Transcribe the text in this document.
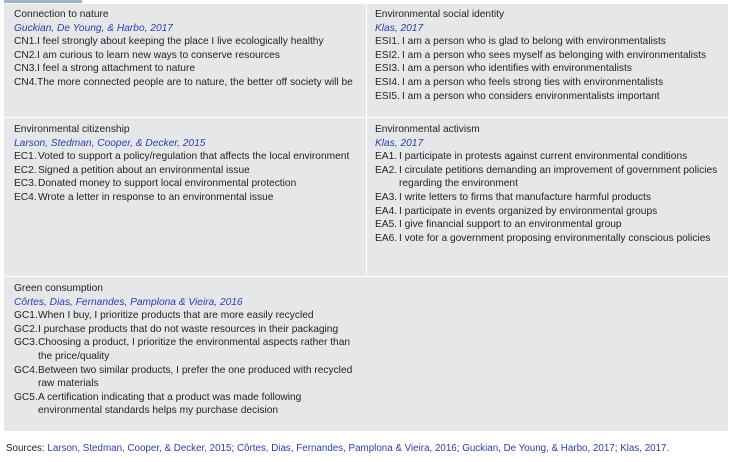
Connection to nature
Guckian, De Young, & Harbo, 2017
CN1. I feel strongly about keeping the place I live ecologically healthy
CN2. I am curious to learn new ways to conserve resources
CN3. I feel a strong attachment to nature
CN4. The more connected people are to nature, the better off society will be
Environmental social identity
Klas, 2017
ESI1. I am a person who is glad to belong with environmentalists
ESI2. I am a person who sees myself as belonging with environmentalists
ESI3. I am a person who identifies with environmentalists
ESI4. I am a person who feels strong ties with environmentalists
ESI5. I am a person who considers environmentalists important
Environmental citizenship
Larson, Stedman, Cooper, & Decker, 2015
EC1. Voted to support a policy/regulation that affects the local environment
EC2. Signed a petition about an environmental issue
EC3. Donated money to support local environmental protection
EC4. Wrote a letter in response to an environmental issue
Environmental activism
Klas, 2017
EA1. I participate in protests against current environmental conditions
EA2. I circulate petitions demanding an improvement of government policies regarding the environment
EA3. I write letters to firms that manufacture harmful products
EA4. I participate in events organized by environmental groups
EA5. I give financial support to an environmental group
EA6. I vote for a government proposing environmentally conscious policies
Green consumption
Côrtes, Dias, Fernandes, Pamplona & Vieira, 2016
GC1. When I buy, I prioritize products that are more easily recycled
GC2. I purchase products that do not waste resources in their packaging
GC3. Choosing a product, I prioritize the environmental aspects rather than the price/quality
GC4. Between two similar products, I prefer the one produced with recycled raw materials
GC5. A certification indicating that a product was made following environmental standards helps my purchase decision
Sources: Larson, Stedman, Cooper, & Decker, 2015; Côrtes, Dias, Fernandes, Pamplona & Vieira, 2016; Guckian, De Young, & Harbo, 2017; Klas, 2017.
